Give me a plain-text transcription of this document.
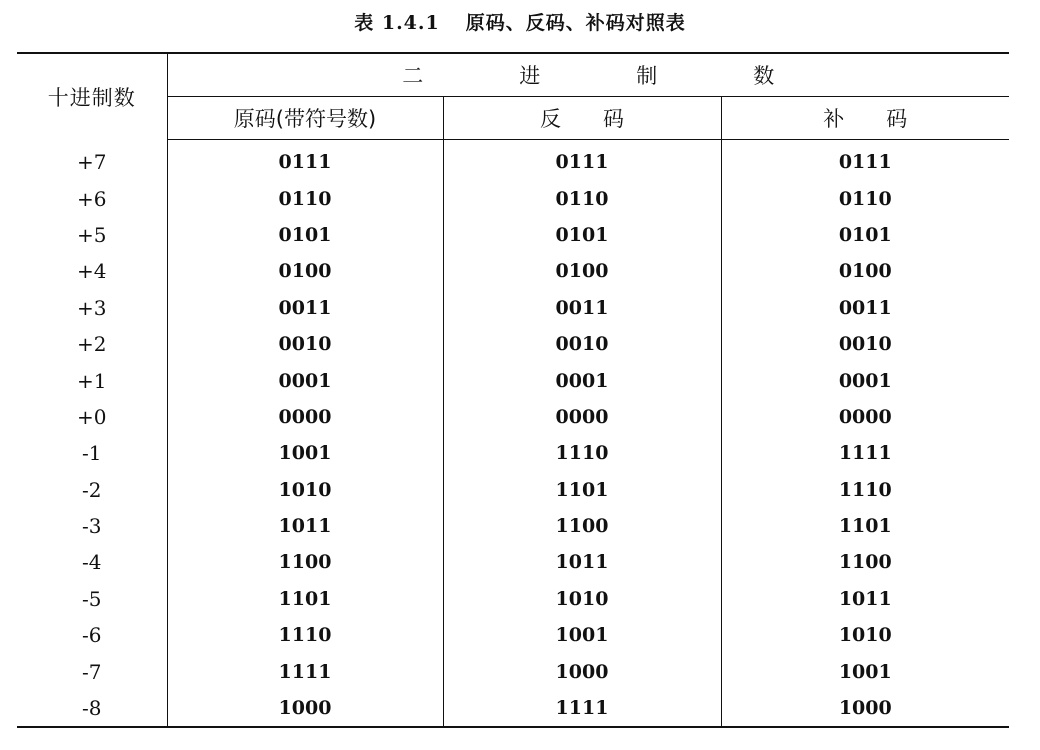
表 1.4.1 原码、反码、补码对照表
十进制数	二 进 制 数		
	原码(带符号数)	反　　码	补　　码
+7	0111	0111	0111
+6	0110	0110	0110
+5	0101	0101	0101
+4	0100	0100	0100
+3	0011	0011	0011
+2	0010	0010	0010
+1	0001	0001	0001
+0	0000	0000	0000
-1	1001	1110	1111
-2	1010	1101	1110
-3	1011	1100	1101
-4	1100	1011	1100
-5	1101	1010	1011
-6	1110	1001	1010
-7	1111	1000	1001
-8	1000	1111	1000
